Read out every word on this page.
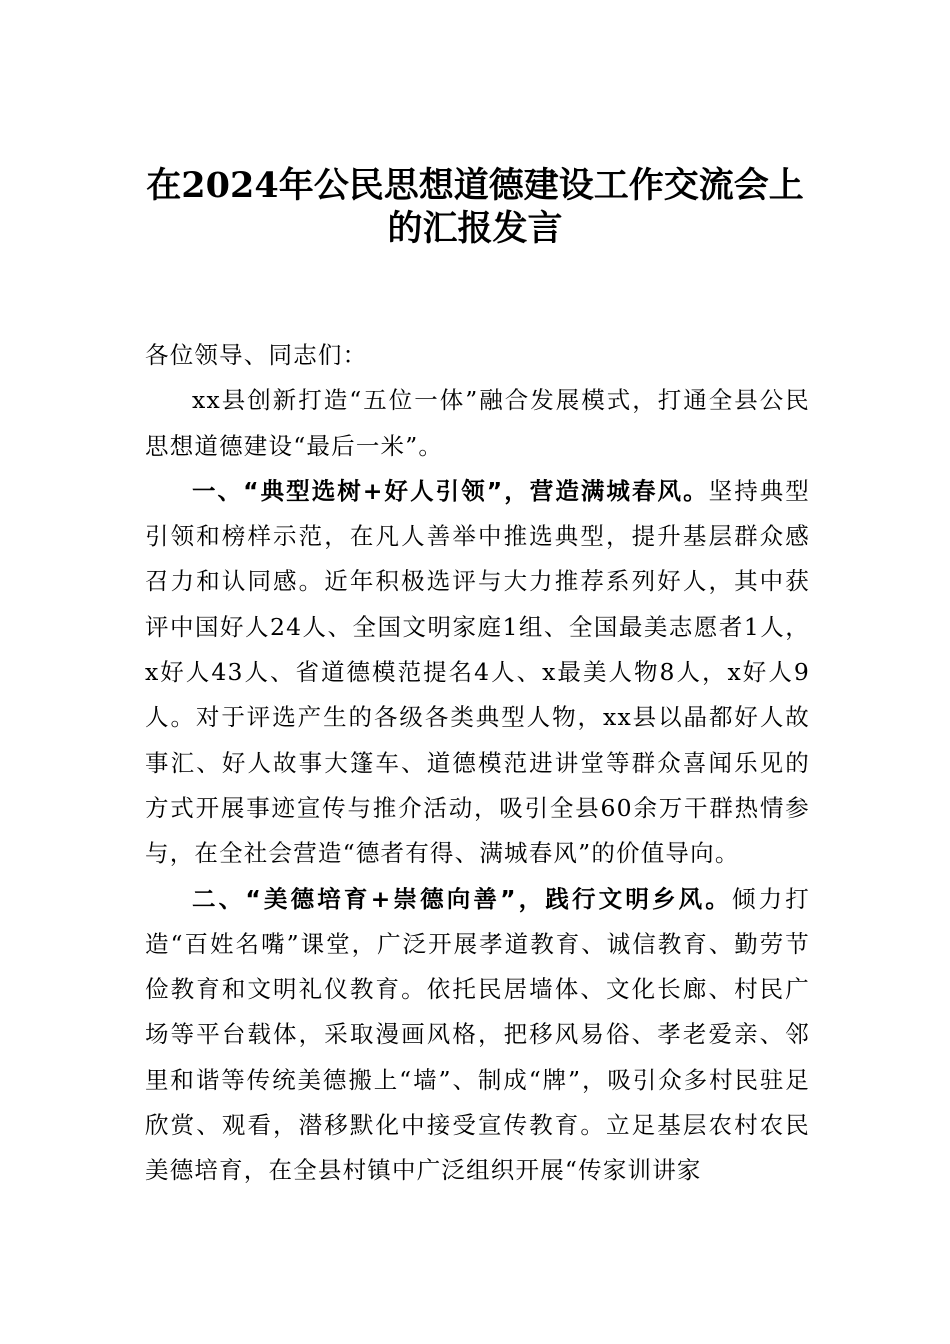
在2024年公民思想道德建设工作交流会上
的汇报发言

各位领导、同志们：

xx县创新打造“五位一体”融合发展模式，打通全县公民思想道德建设“最后一米”。

一、“典型选树+好人引领”，营造满城春风。坚持典型引领和榜样示范，在凡人善举中推选典型，提升基层群众感召力和认同感。近年积极选评与大力推荐系列好人，其中获评中国好人24人、全国文明家庭1组、全国最美志愿者1人，x好人43人、省道德模范提名4人、x最美人物8人，x好人9人。对于评选产生的各级各类典型人物，xx县以晶都好人故事汇、好人故事大篷车、道德模范进讲堂等群众喜闻乐见的方式开展事迹宣传与推介活动，吸引全县60余万干群热情参与，在全社会营造“德者有得、满城春风”的价值导向。

二、“美德培育+崇德向善”，践行文明乡风。倾力打造“百姓名嘴”课堂，广泛开展孝道教育、诚信教育、勤劳节俭教育和文明礼仪教育。依托民居墙体、文化长廊、村民广场等平台载体，采取漫画风格，把移风易俗、孝老爱亲、邻里和谐等传统美德搬上“墙”、制成“牌”，吸引众多村民驻足欣赏、观看，潜移默化中接受宣传教育。立足基层农村农民美德培育，在全县村镇中广泛组织开展“传家训讲家
